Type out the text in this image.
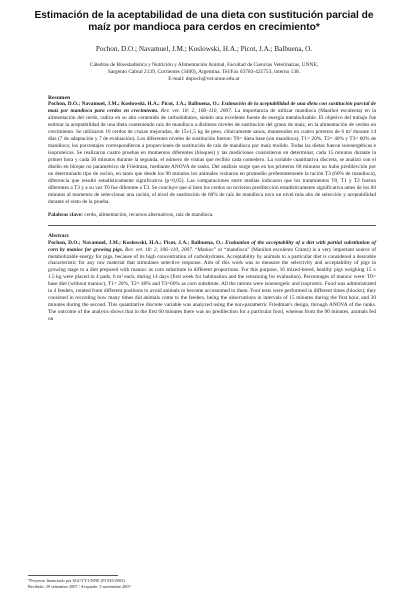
Estimación de la aceptabilidad de una dieta con sustitución parcial de maíz por mandioca para cerdos en crecimiento*
Pochon, D.O.; Navamuel, J.M.; Koslowski, H.A.; Picot, J.A.; Balbuena, O.
Cátedras de Bioestadística y Nutrición y Alimentación Animal, Facultad de Ciencias Veterinarias, UNNE,
Sargento Cabral 2139, Corrientes (3400), Argentina. Tel/Fax 03783-425753, interno 138.
E-mail: dopoch@vet.unne.edu.ar

Resumen

Pochon, D.O.; Navamuel, J.M.; Koslowski, H.A.; Picot, J.A.; Balbuena, O.: Estimación de la aceptabilidad de una dieta con sustitución parcial de maíz por mandioca para cerdos en crecimiento. Rev. vet. 18: 2, 106–110, 2007. La importancia de utilizar mandioca (Manihot esculenta) en la alimentación del cerdo, radica en su alto contenido de carbohidratos, siendo una excelente fuente de energía metabolizable. El objetivo del trabajo fue estimar la aceptabilidad de una dieta conteniendo raíz de mandioca a distintos niveles de sustitución del grano de maíz, en la alimentación de cerdos en crecimiento. Se utilizaron 16 cerdos de cruzas mejoradas, de 15±1,5 kg de peso, clínicamente sanos, mantenidos en cuatro potreros de 6 m² durante 14 días (7 de adaptación y 7 de evaluación). Los diferentes niveles de sustitución fueron: T0= dieta base (sin mandioca), T1= 20%, T2= 40% y T3= 60% de mandioca; los porcentajes correspondieron a proporciones de sustitución de raíz de mandioca por maíz molido. Todas las dietas fueron isoenergéticas e isoproteicas. Se realizaron cuatro pruebas en momentos diferentes (bloques) y las mediciones consistieron en determinar, cada 15 minutos durante la primer hora y cada 30 minutos durante la segunda, el número de visitas que recibió cada comedero. La variable cuantitativa discreta, se analizó con el diseño en bloque no paramétrico de Friedman, mediante ANOVA de ranks. Del análisis surge que en los primeros 60 minutos no hubo predilección por un determinado tipo de ración, en tanto que desde los 90 minutos los animales visitaron en promedio preferentemente la ración T3 (60% de mandioca), diferencia que resultó estadísticamente significativa (p<0,05). Las comparaciones entre medias indicaron que los tratamientos T0, T1 y T2 fueron diferentes a T3 y a su vez T0 fue diferente a T3. Se concluye que si bien los cerdos no tuvieron predilección estadísticamente significativa antes de los 60 minutos al momento de seleccionar una ración, el nivel de sustitución de 60% de raíz de mandioca tuvo un nivel más alto de selección y aceptabilidad durante el resto de la prueba.

Palabras clave: cerdo, alimentación, recursos alternativos, raíz de mandioca.

Abstract

Pochon, D.O.; Navamuel, J.M.; Koslowski, H.A.; Picot, J.A.; Balbuena, O.: Evaluation of the acceptability of a diet with partial substitution of corn by manioc for growing pigs. Rev. vet. 18: 2, 106–110, 2007. “Manioc” or “mandioca” (Manihot esculenta Crantz) is a very important source of metabolizable energy for pigs, because of its high concentration of carbohydrates. Acceptability by animals to a particular diet is considered a desirable characteristic for any raw material that stimulates selective response. Aim of this work was to measure the selectivity and acceptability of pigs in growing stage to a diet prepared with manioc as corn substitute in different proportions. For this purpose, 16 mixed-breed, healthy pigs weighing 15 ± 1.5 kg were placed in 4 pads, 6 m² each, during 14 days (first week for habituation and the remaining for evaluation). Percentages of manioc were: T0= base diet (without manioc), T1= 20%, T2= 40% and T3=60% as corn substitute. All the rations were isoenergetic and isoproteic. Food was administrated in 4 feeders, rotated from different positions to avoid animals to become accustomed to them. Four tests were performed in different times (blocks); they consisted in recording how many times did animals come to the feeders, being the observations in intervals of 15 minutes during the first hour, and 30 minutes during the second. This quantitative discrete variable was analyzed using the non-parametric Friedman's design, through ANOVA of the ranks. The outcome of the analysis shows that in the first 60 minutes there was no predilection for a particular food, whereas from the 90 minutes, animals fed on

*Proyecto financiado por SGCYT-UNNE (PI 035/2003).
Recibido: 20 setiembre 2007 / Aceptado: 5 noviembre 2007
